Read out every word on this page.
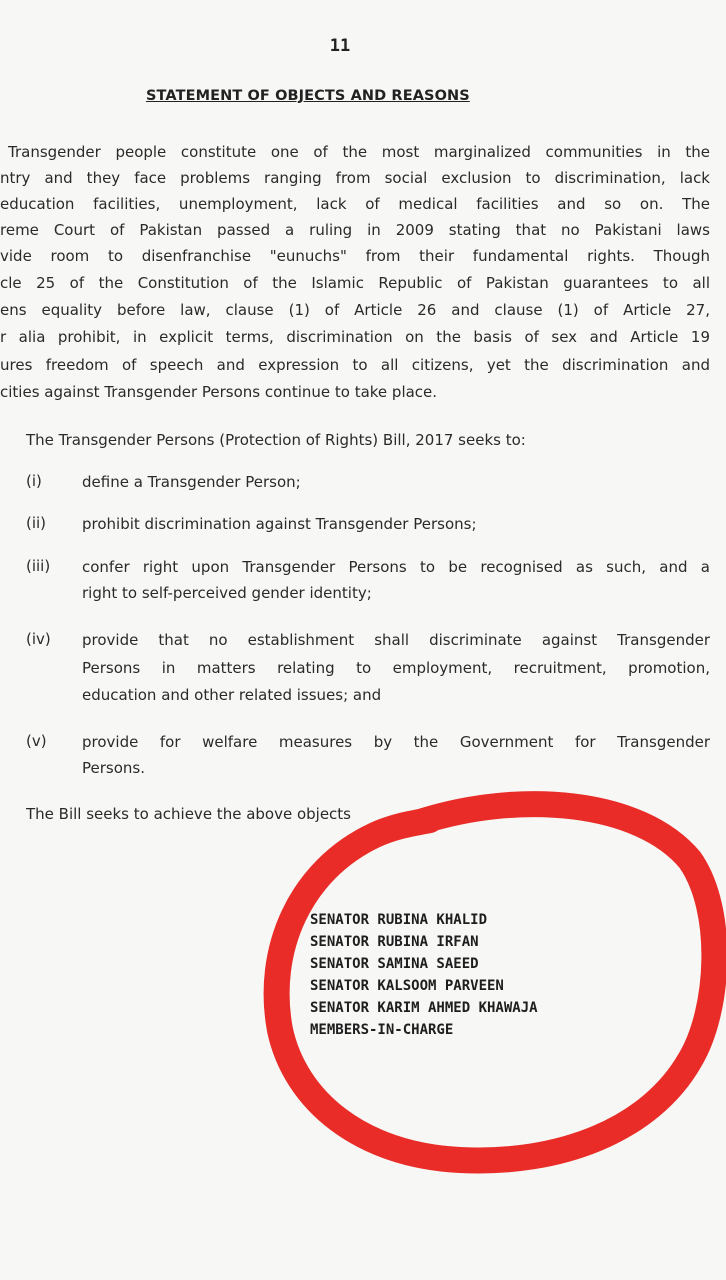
11
STATEMENT OF OBJECTS AND REASONS
Transgender people constitute one of the most marginalized communities in the
ntry and they face problems ranging from social exclusion to discrimination, lack
education facilities, unemployment, lack of medical facilities and so on. The
reme Court of Pakistan passed a ruling in 2009 stating that no Pakistani laws
vide room to disenfranchise "eunuchs" from their fundamental rights. Though
cle 25 of the Constitution of the Islamic Republic of Pakistan guarantees to all
ens equality before law, clause (1) of Article 26 and clause (1) of Article 27,
r alia prohibit, in explicit terms, discrimination on the basis of sex and Article 19
ures freedom of speech and expression to all citizens, yet the discrimination and
cities against Transgender Persons continue to take place.
The Transgender Persons (Protection of Rights) Bill, 2017 seeks to:
(i)	define a Transgender Person;
(ii) prohibit discrimination against Transgender Persons;
(iii) confer right upon Transgender Persons to be recognised as such, and a
right to self-perceived gender identity;
(iv) provide that no establishment shall discriminate against Transgender
Persons in matters relating to employment, recruitment, promotion,
education and other related issues; and
(v) provide for welfare measures by the Government for Transgender
Persons.
The Bill seeks to achieve the above objects
SENATOR RUBINA KHALID
SENATOR RUBINA IRFAN
SENATOR SAMINA SAEED
SENATOR KALSOOM PARVEEN
SENATOR KARIM AHMED KHAWAJA
MEMBERS-IN-CHARGE
